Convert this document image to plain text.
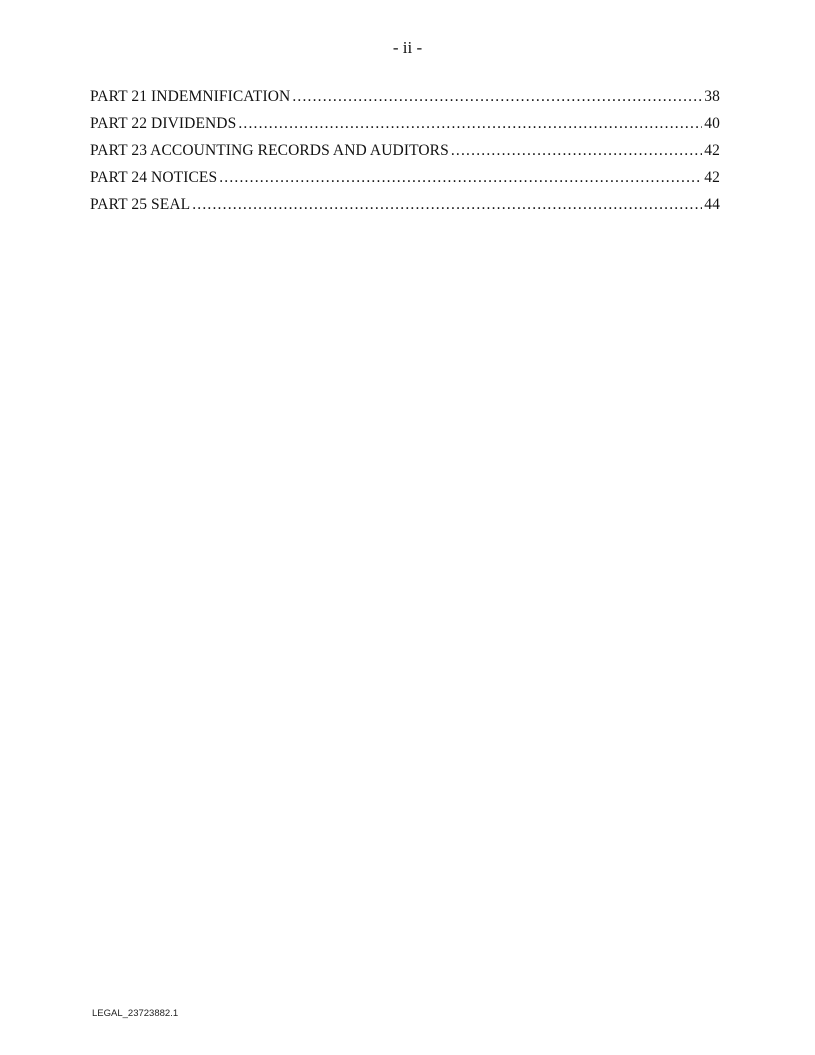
- ii -
PART 21 INDEMNIFICATION .....	38
PART 22 DIVIDENDS .....	40
PART 23 ACCOUNTING RECORDS AND AUDITORS .....	42
PART 24 NOTICES .....	42
PART 25 SEAL .....	44
LEGAL_23723882.1
